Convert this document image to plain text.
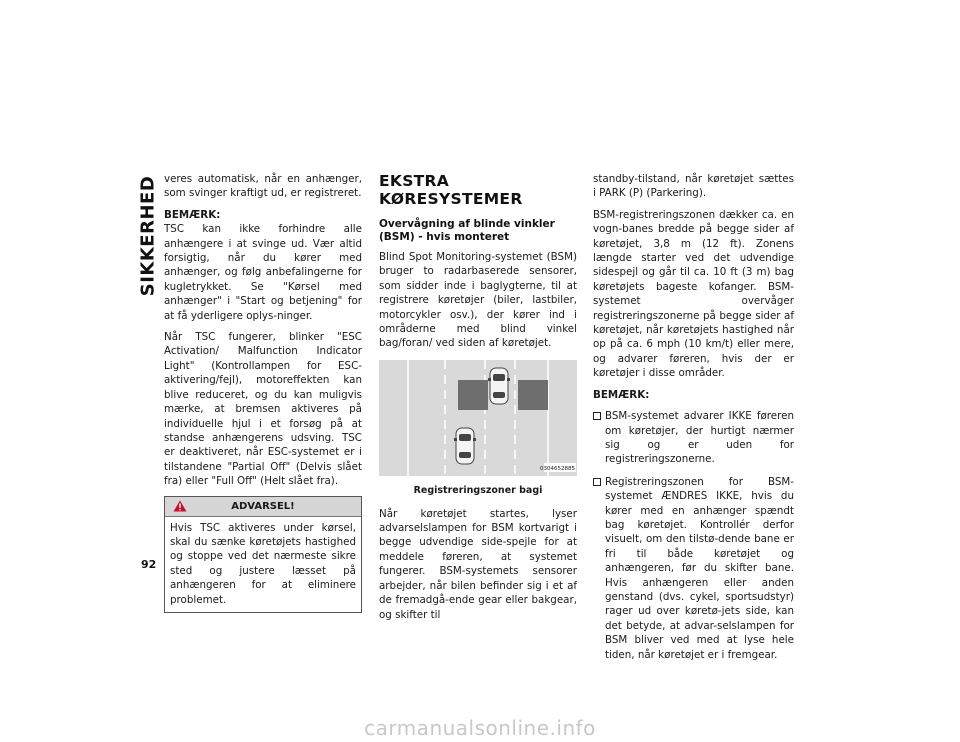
SIKKERHED
92

veres automatisk, når en anhænger, som svinger kraftigt ud, er registreret.

BEMÆRK:
TSC kan ikke forhindre alle anhængere i at svinge ud. Vær altid forsigtig, når du kører med anhænger, og følg anbefalingerne for kugletrykket. Se "Kørsel med anhænger" i "Start og betjening" for at få yderligere oplys-ninger.

Når TSC fungerer, blinker "ESC Activation/ Malfunction Indicator Light" (Kontrollampen for ESC-aktivering/fejl), motoreffekten kan blive reduceret, og du kan muligvis mærke, at bremsen aktiveres på individuelle hjul i et forsøg på at standse anhængerens udsving. TSC er deaktiveret, når ESC-systemet er i tilstandene "Partial Off" (Delvis slået fra) eller "Full Off" (Helt slået fra).

ADVARSEL!
Hvis TSC aktiveres under kørsel, skal du sænke køretøjets hastighed og stoppe ved det nærmeste sikre sted og justere læsset på anhængeren for at eliminere problemet.
EKSTRA KØRESYSTEMER
Overvågning af blinde vinkler (BSM) - hvis monteret

Blind Spot Monitoring-systemet (BSM) bruger to radarbaserede sensorer, som sidder inde i baglygterne, til at registrere køretøjer (biler, lastbiler, motorcykler osv.), der kører ind i områderne med blind vinkel bag/foran/ ved siden af køretøjet.

0304652885
Registreringszoner bagi

Når køretøjet startes, lyser advarselslampen for BSM kortvarigt i begge udvendige side-spejle for at meddele føreren, at systemet fungerer. BSM-systemets sensorer arbejder, når bilen befinder sig i et af de fremadgå-ende gear eller bakgear, og skifter til

standby-tilstand, når køretøjet sættes i PARK (P) (Parkering).

BSM-registreringszonen dækker ca. en vogn-banes bredde på begge sider af køretøjet, 3,8 m (12 ft). Zonens længde starter ved det udvendige sidespejl og går til ca. 10 ft (3 m) bag køretøjets bageste kofanger. BSM-systemet overvåger registreringszonerne på begge sider af køretøjet, når køretøjets hastighed når op på ca. 6 mph (10 km/t) eller mere, og advarer føreren, hvis der er køretøjer i disse områder.

BEMÆRK:

BSM-systemet advarer IKKE føreren om køretøjer, der hurtigt nærmer sig og er uden for registreringszonerne.
Registreringszonen for BSM-systemet ÆNDRES IKKE, hvis du kører med en anhænger spændt bag køretøjet. Kontrollér derfor visuelt, om den tilstø-dende bane er fri til både køretøjet og anhængeren, før du skifter bane. Hvis anhængeren eller anden genstand (dvs. cykel, sportsudstyr) rager ud over køretø-jets side, kan det betyde, at advar-selslampen for BSM bliver ved med at lyse hele tiden, når køretøjet er i fremgear.
carmanualsonline.info
